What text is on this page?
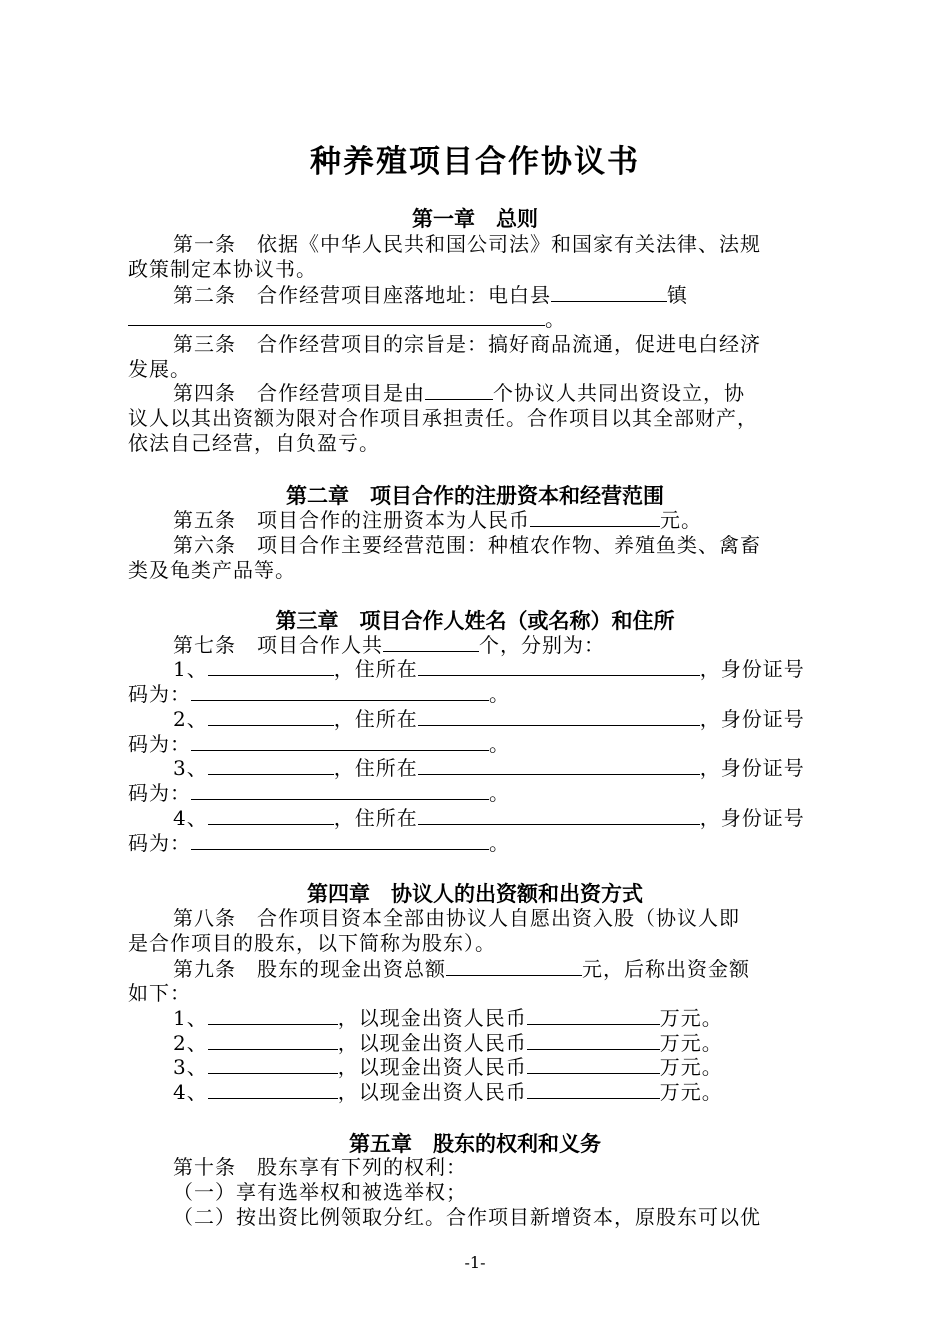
种养殖项目合作协议书
第一章　总则
第一条　依据《中华人民共和国公司法》和国家有关法律、法规
政策制定本协议书。
第二条　合作经营项目座落地址：电白县	镇
。
第三条　合作经营项目的宗旨是：搞好商品流通，促进电白经济
发展。
第四条　合作经营项目是由	个协议人共同出资设立，协
议人以其出资额为限对合作项目承担责任。合作项目以其全部财产，
依法自己经营，自负盈亏。
第二章　项目合作的注册资本和经营范围
第五条　项目合作的注册资本为人民币	元。
第六条　项目合作主要经营范围：种植农作物、养殖鱼类、禽畜
类及龟类产品等。
第三章　项目合作人姓名（或名称）和住所
第七条　项目合作人共	个，分别为：
1、	，住所在	，身份证号
码为：	。
2、	，住所在	，身份证号
码为：	。
3、	，住所在	，身份证号
码为：	。
4、	，住所在	，身份证号
码为：	。
第四章　协议人的出资额和出资方式
第八条　合作项目资本全部由协议人自愿出资入股（协议人即
是合作项目的股东，以下简称为股东）。
第九条　股东的现金出资总额	元，后称出资金额
如下：
1、	，以现金出资人民币	万元。
2、	，以现金出资人民币	万元。
3、	，以现金出资人民币	万元。
4、	，以现金出资人民币	万元。
第五章　股东的权利和义务
第十条　股东享有下列的权利：
（一）享有选举权和被选举权；
（二）按出资比例领取分红。合作项目新增资本，原股东可以优
-1-
